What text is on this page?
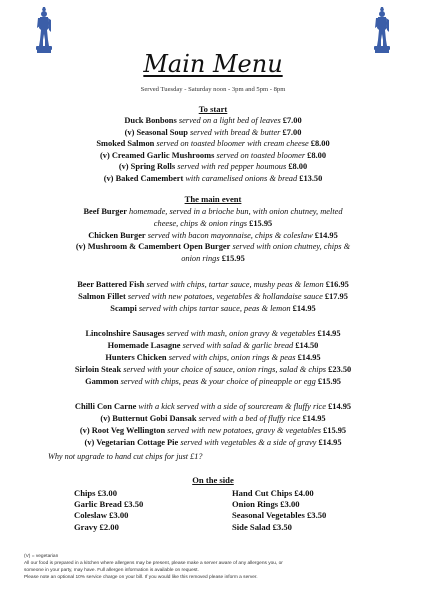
Main Menu
Served Tuesday - Saturday noon - 3pm and 5pm - 8pm
To start
Duck Bonbons served on a light bed of leaves £7.00
(v) Seasonal Soup served with bread & butter £7.00
Smoked Salmon served on toasted bloomer with cream cheese £8.00
(v) Creamed Garlic Mushrooms served on toasted bloomer £8.00
(v) Spring Rolls served with red pepper houmous £8.00
(v) Baked Camembert with caramelised onions & bread £13.50
The main event
Beef Burger homemade, served in a brioche bun, with onion chutney, melted
cheese, chips & onion rings £15.95
Chicken Burger served with bacon mayonnaise, chips & coleslaw £14.95
(v) Mushroom & Camembert Open Burger served with onion chutney, chips &
onion rings £15.95
Beer Battered Fish served with chips, tartar sauce, mushy peas & lemon £16.95
Salmon Fillet served with new potatoes, vegetables & hollandaise sauce £17.95
Scampi served with chips tartar sauce, peas & lemon £14.95
Lincolnshire Sausages served with mash, onion gravy & vegetables £14.95
Homemade Lasagne served with salad & garlic bread £14.50
Hunters Chicken served with chips, onion rings & peas £14.95
Sirloin Steak served with your choice of sauce, onion rings, salad & chips £23.50
Gammon served with chips, peas & your choice of pineapple or egg £15.95
Chilli Con Carne with a kick served with a side of sourcream & fluffy rice £14.95
(v) Butternut Gobi Dansak served with a bed of fluffy rice £14.95
(v) Root Veg Wellington served with new potatoes, gravy & vegetables £15.95
(v) Vegetarian Cottage Pie served with vegetables & a side of gravy £14.95
Why not upgrade to hand cut chips for just £1?
On the side
Chips £3.00
Garlic Bread £3.50
Coleslaw £3.00
Gravy £2.00
Hand Cut Chips £4.00
Onion Rings £3.00
Seasonal Vegetables £3.50
Side Salad £3.50
(V) = vegetarian
All our food is prepared in a kitchen where allergens may be present, please make a server aware of any allergens you, or
someone in your party, may have. Full allergen information is available on request.
Please note an optional 10% service charge on your bill. If you would like this removed please inform a server.
